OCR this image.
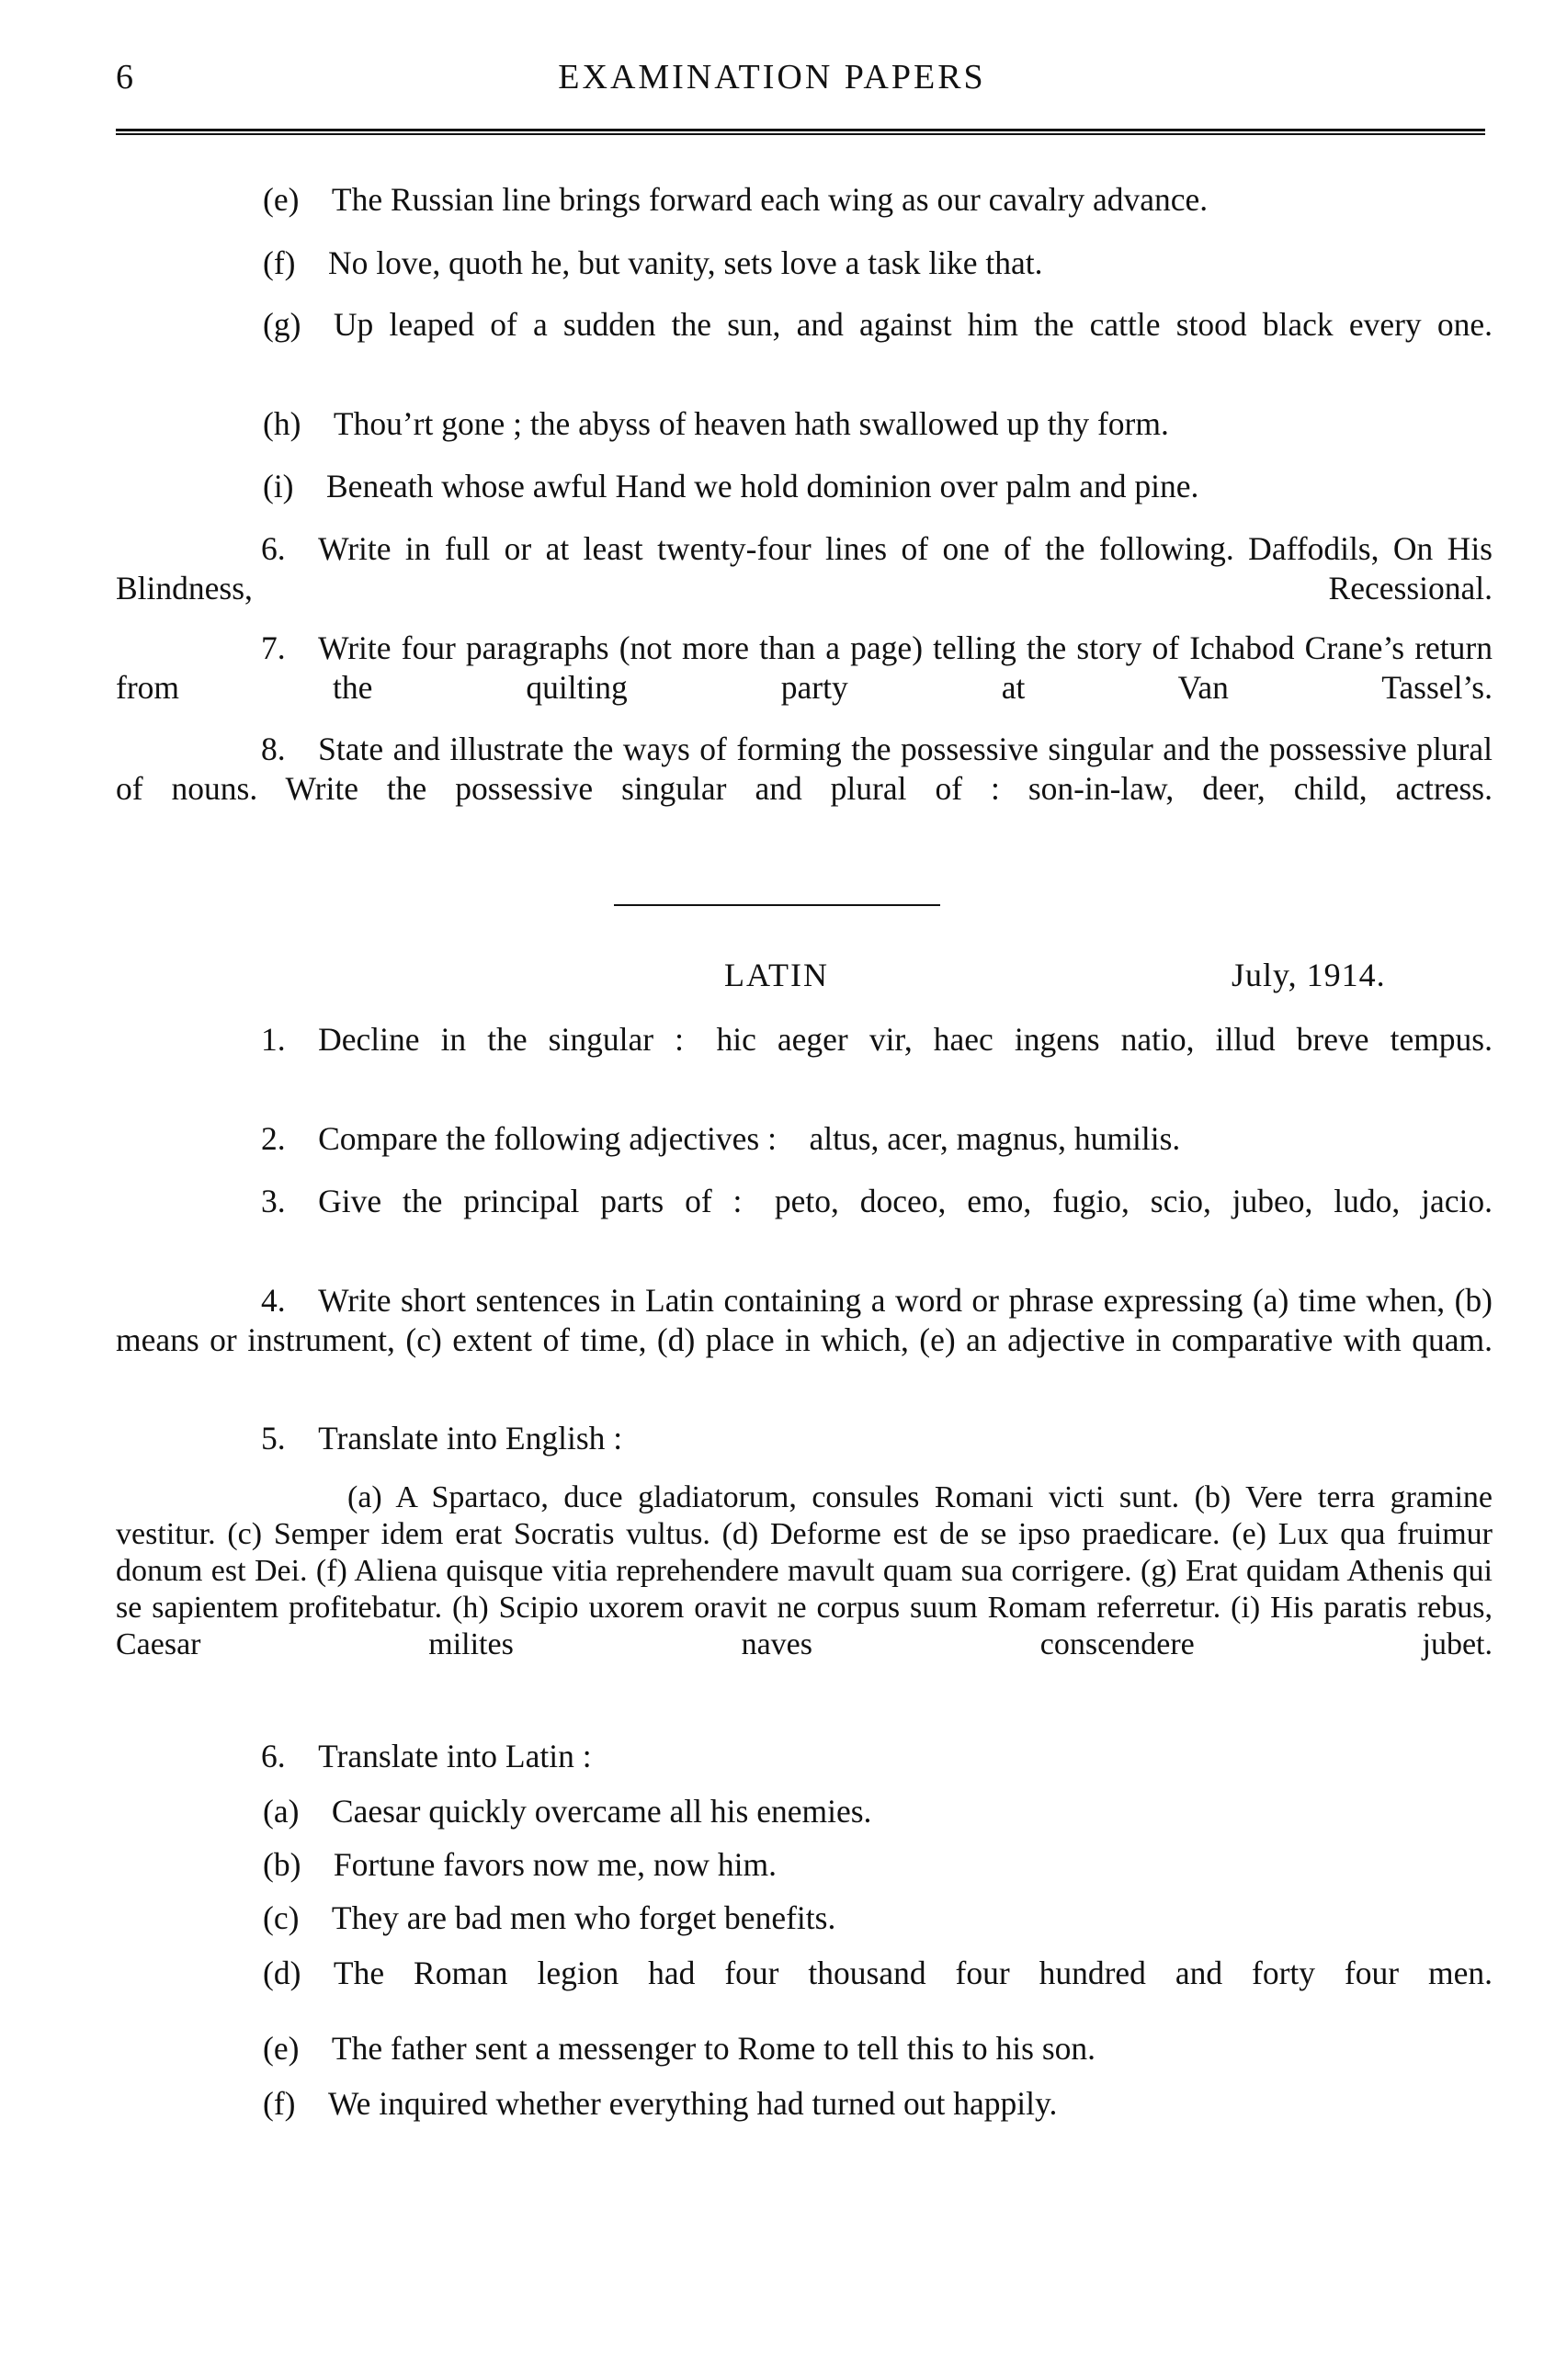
6	EXAMINATION PAPERS
(e) The Russian line brings forward each wing as our cavalry advance.
(f) No love, quoth he, but vanity, sets love a task like that.
(g) Up leaped of a sudden the sun, and against him the cattle stood black every one.
(h) Thou’rt gone ; the abyss of heaven hath swallowed up thy form.
(i) Beneath whose awful Hand we hold dominion over palm and pine.
6. Write in full or at least twenty-four lines of one of the following. Daffodils, On His Blindness, Recessional.
7. Write four paragraphs (not more than a page) telling the story of Ichabod Crane’s return from the quilting party at Van Tassel’s.
8. State and illustrate the ways of forming the possessive singular and the possessive plural of nouns. Write the possessive singular and plural of : son-in-law, deer, child, actress.
LATIN	July, 1914.
1. Decline in the singular : hic aeger vir, haec ingens natio, illud breve tempus.
2. Compare the following adjectives : altus, acer, magnus, humilis.
3. Give the principal parts of : peto, doceo, emo, fugio, scio, jubeo, ludo, jacio.
4. Write short sentences in Latin containing a word or phrase expressing (a) time when, (b) means or instrument, (c) extent of time, (d) place in which, (e) an adjective in comparative with quam.
5. Translate into English :
(a) A Spartaco, duce gladiatorum, consules Romani victi sunt. (b) Vere terra gramine vestitur. (c) Semper idem erat Socratis vultus. (d) Deforme est de se ipso praedicare. (e) Lux qua fruimur donum est Dei. (f) Aliena quisque vitia reprehendere mavult quam sua corrigere. (g) Erat quidam Athenis qui se sapientem profitebatur. (h) Scipio uxorem oravit ne corpus suum Romam referretur. (i) His paratis rebus, Caesar milites naves conscendere jubet.
6. Translate into Latin :
(a) Caesar quickly overcame all his enemies.
(b) Fortune favors now me, now him.
(c) They are bad men who forget benefits.
(d) The Roman legion had four thousand four hundred and forty four men.
(e) The father sent a messenger to Rome to tell this to his son.
(f) We inquired whether everything had turned out happily.
